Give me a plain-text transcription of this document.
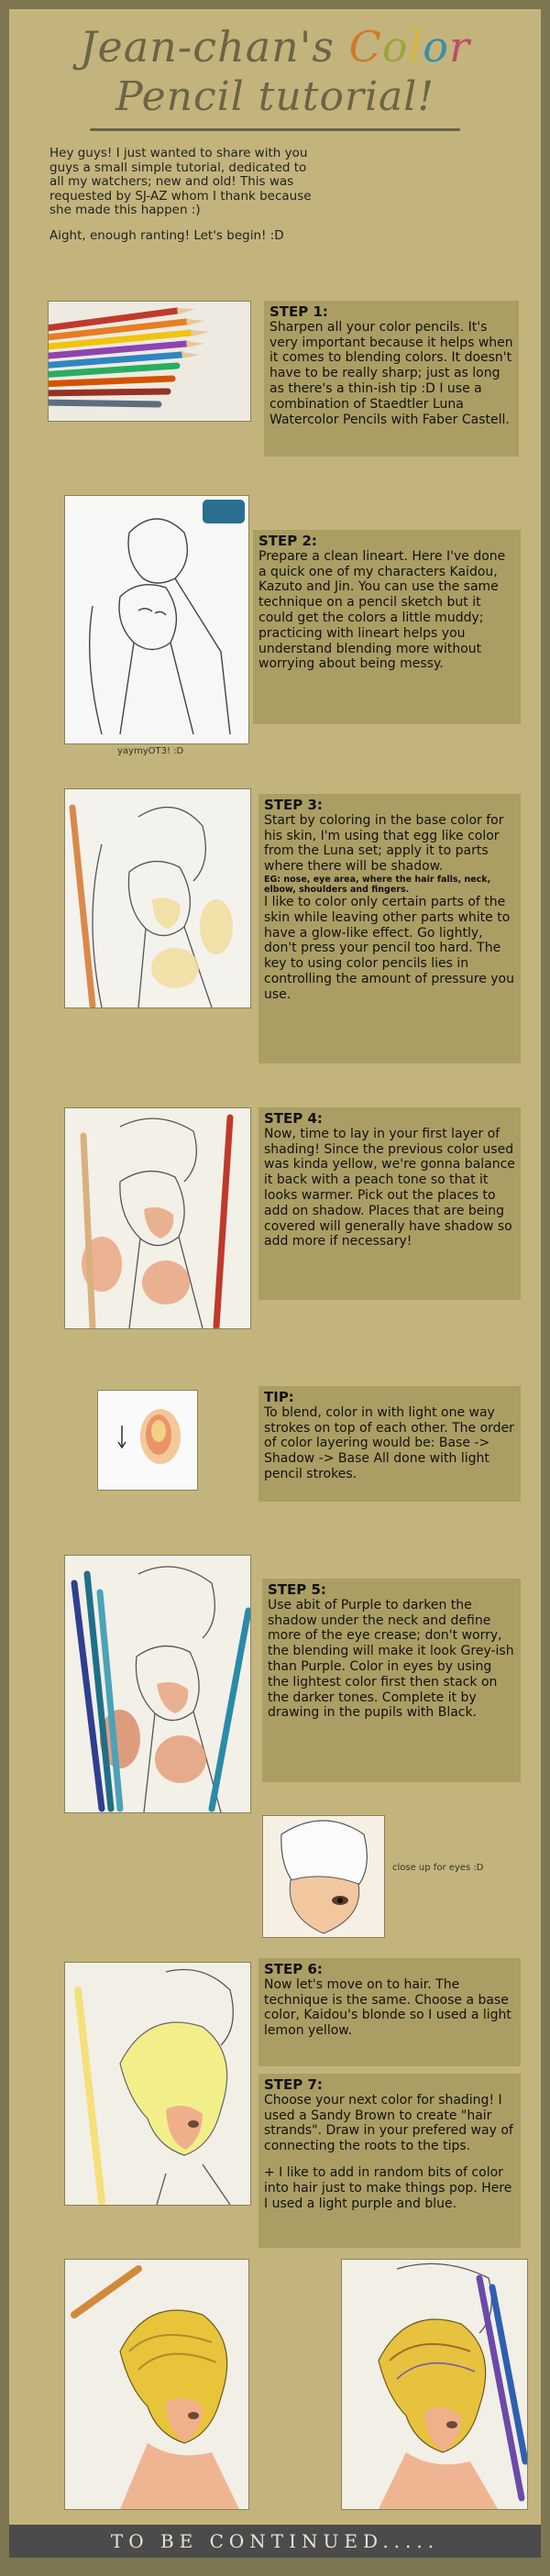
Jean-chan's Color
Pencil tutorial!

Hey guys! I just wanted to share with you guys a small simple tutorial, dedicated to all my watchers; new and old! This was requested by SJ-AZ whom I thank because she made this happen :)

Aight, enough ranting! Let's begin! :D

STEP 1:
Sharpen all your color pencils. It's very important because it helps when it comes to blending colors. It doesn't have to be really sharp; just as long as there's a thin-ish tip :D I use a combination of Staedtler Luna Watercolor Pencils with Faber Castell.
yaymyOT3! :D
STEP 2:
Prepare a clean lineart. Here I've done a quick one of my characters Kaidou, Kazuto and Jin. You can use the same technique on a pencil sketch but it could get the colors a little muddy; practicing with lineart helps you understand blending more without worrying about being messy.
STEP 3:
Start by coloring in the base color for his skin, I'm using that egg like color from the Luna set; apply it to parts where there will be shadow.
EG: nose, eye area, where the hair falls, neck, elbow, shoulders and fingers.
I like to color only certain parts of the skin while leaving other parts white to have a glow-like effect. Go lightly, don't press your pencil too hard. The key to using color pencils lies in controlling the amount of pressure you use.
STEP 4:
Now, time to lay in your first layer of shading! Since the previous color used was kinda yellow, we're gonna balance it back with a peach tone so that it looks warmer. Pick out the places to add on shadow. Places that are being covered will generally have shadow so add more if necessary!
TIP:
To blend, color in with light one way strokes on top of each other. The order of color layering would be: Base -> Shadow -> Base All done with light pencil strokes.
STEP 5:
Use abit of Purple to darken the shadow under the neck and define more of the eye crease; don't worry, the blending will make it look Grey-ish than Purple. Color in eyes by using the lightest color first then stack on the darker tones. Complete it by drawing in the pupils with Black.
close up for eyes :D
STEP 6:
Now let's move on to hair. The technique is the same. Choose a base color, Kaidou's blonde so I used a light lemon yellow.
STEP 7:
Choose your next color for shading! I used a Sandy Brown to create "hair strands". Draw in your prefered way of connecting the roots to the tips.
+ I like to add in random bits of color into hair just to make things pop. Here I used a light purple and blue.
TO BE CONTINUED.....
